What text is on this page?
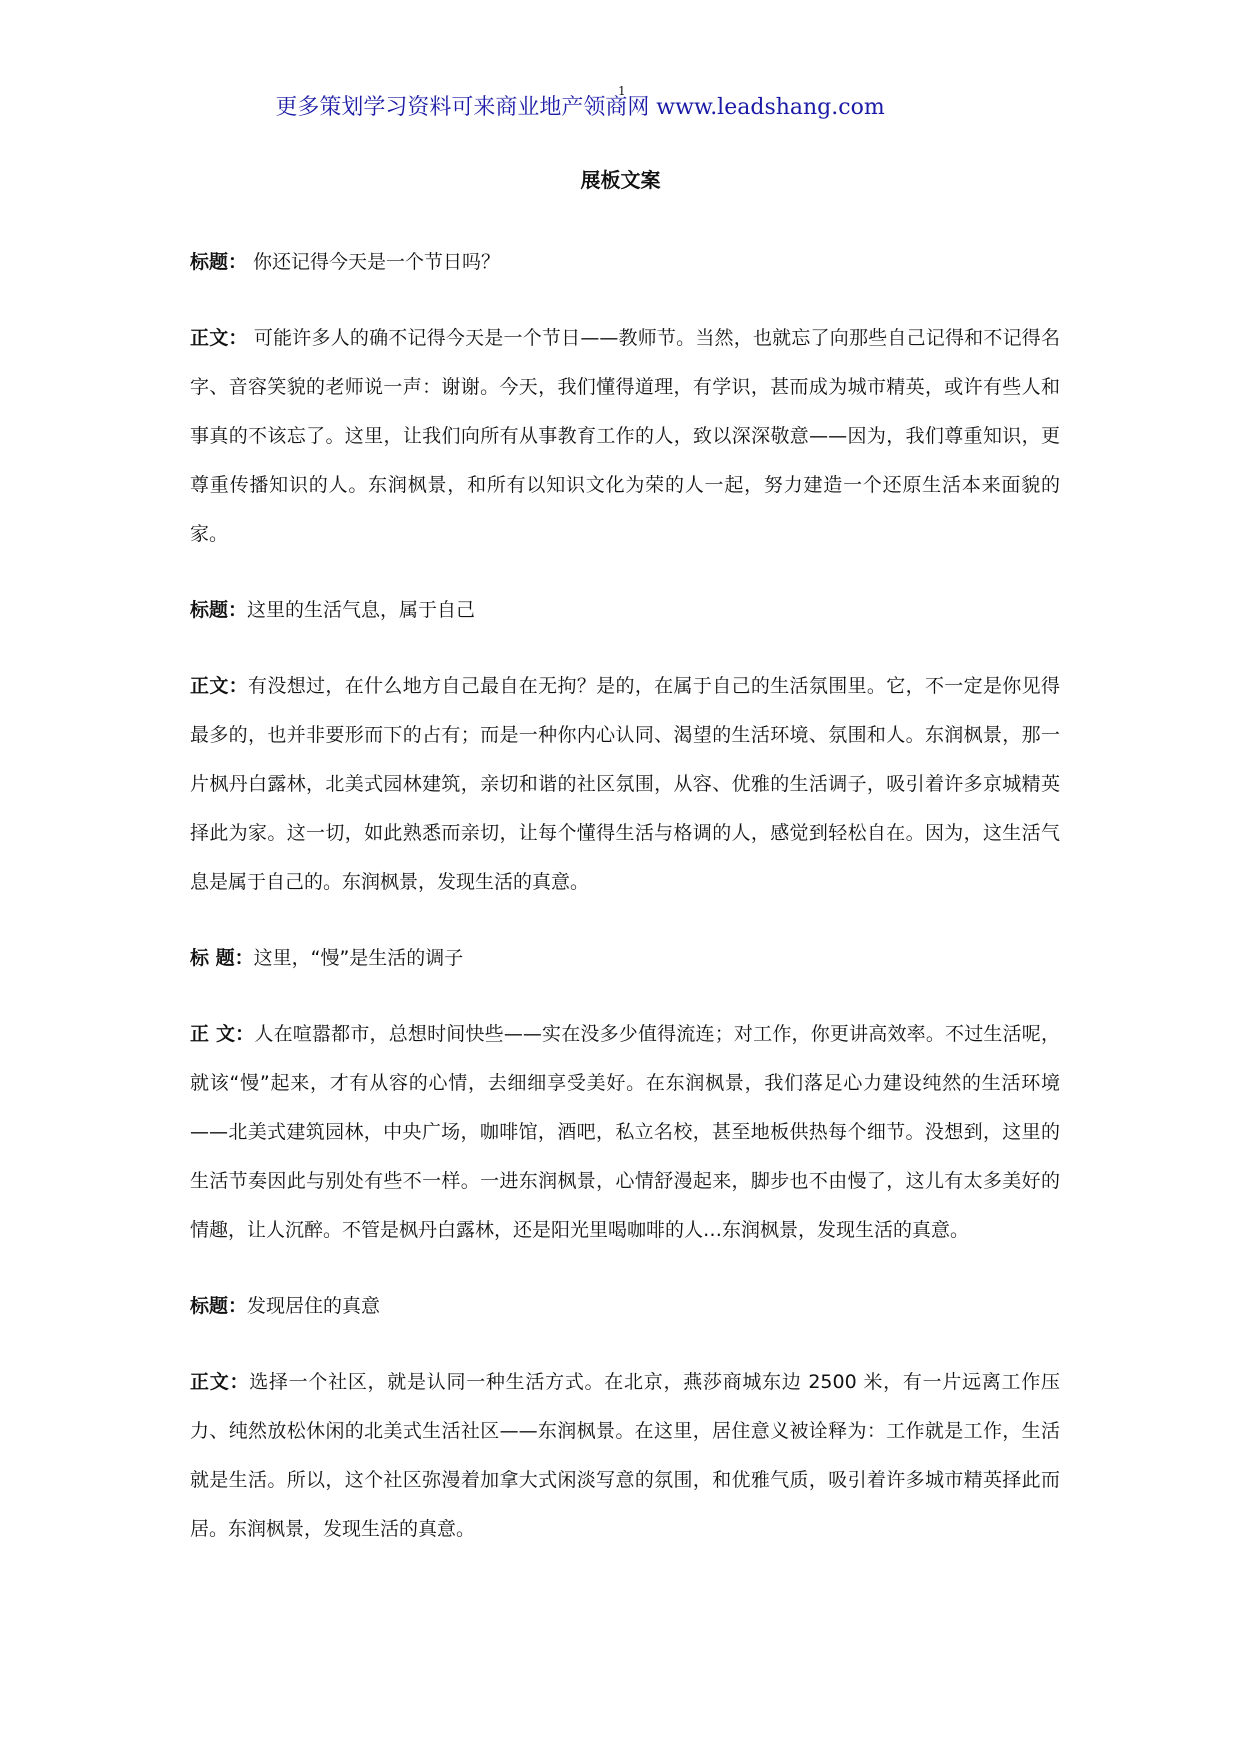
更多策划学习资料可来商业地产领商网 www.leadshang.com
1
展板文案

标题： 你还记得今天是一个节日吗？

正文： 可能许多人的确不记得今天是一个节日——教师节。当然，也就忘了向那些自己记得和不记得名字、音容笑貌的老师说一声：谢谢。今天，我们懂得道理，有学识，甚而成为城市精英，或许有些人和事真的不该忘了。这里，让我们向所有从事教育工作的人，致以深深敬意——因为，我们尊重知识，更尊重传播知识的人。东润枫景，和所有以知识文化为荣的人一起，努力建造一个还原生活本来面貌的家。

标题：这里的生活气息，属于自己

正文：有没想过，在什么地方自己最自在无拘？是的，在属于自己的生活氛围里。它，不一定是你见得最多的，也并非要形而下的占有；而是一种你内心认同、渴望的生活环境、氛围和人。东润枫景，那一片枫丹白露林，北美式园林建筑，亲切和谐的社区氛围，从容、优雅的生活调子，吸引着许多京城精英择此为家。这一切，如此熟悉而亲切，让每个懂得生活与格调的人，感觉到轻松自在。因为，这生活气息是属于自己的。东润枫景，发现生活的真意。

标 题：这里，“慢”是生活的调子

正 文：人在喧嚣都市，总想时间快些——实在没多少值得流连；对工作，你更讲高效率。不过生活呢，就该“慢”起来，才有从容的心情，去细细享受美好。在东润枫景，我们落足心力建设纯然的生活环境——北美式建筑园林，中央广场，咖啡馆，酒吧，私立名校，甚至地板供热每个细节。没想到，这里的生活节奏因此与别处有些不一样。一进东润枫景，心情舒漫起来，脚步也不由慢了，这儿有太多美好的情趣，让人沉醉。不管是枫丹白露林，还是阳光里喝咖啡的人…东润枫景，发现生活的真意。

标题：发现居住的真意

正文：选择一个社区，就是认同一种生活方式。在北京，燕莎商城东边 2500 米，有一片远离工作压力、纯然放松休闲的北美式生活社区——东润枫景。在这里，居住意义被诠释为：工作就是工作，生活就是生活。所以，这个社区弥漫着加拿大式闲淡写意的氛围，和优雅气质，吸引着许多城市精英择此而居。东润枫景，发现生活的真意。
